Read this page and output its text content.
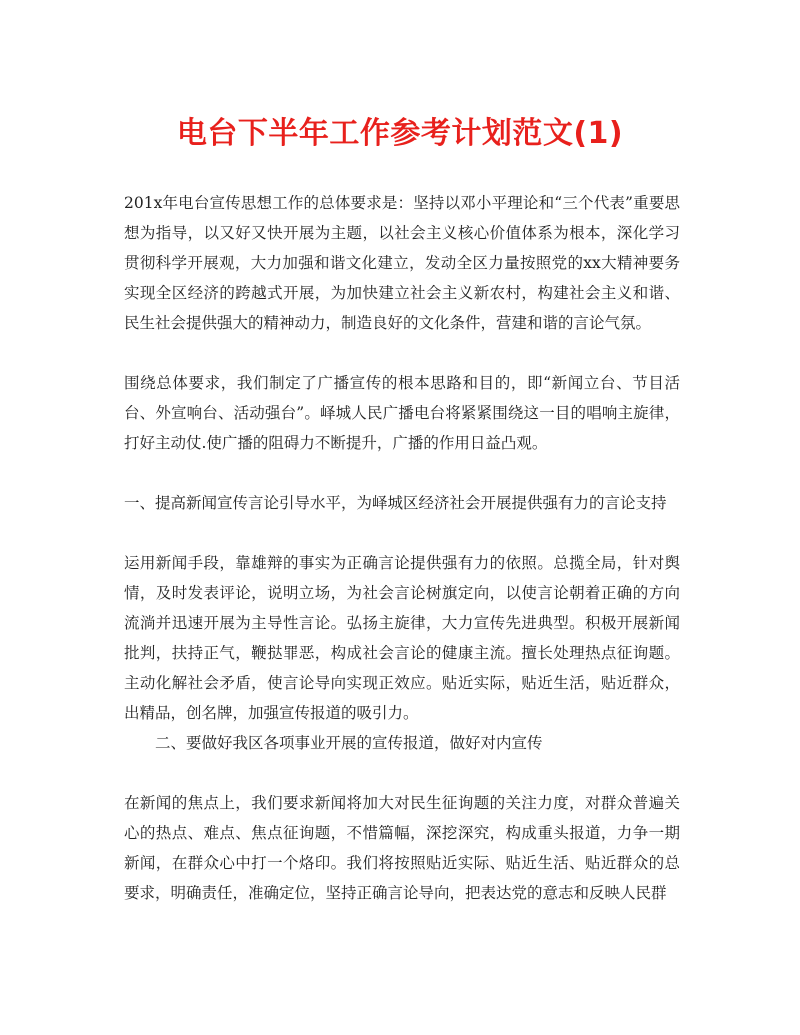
电台下半年工作参考计划范文(1)

201x年电台宣传思想工作的总体要求是：坚持以邓小平理论和“三个代表”重要思想为指导，以又好又快开展为主题，以社会主义核心价值体系为根本，深化学习贯彻科学开展观，大力加强和谐文化建立，发动全区力量按照党的xx大精神要务实现全区经济的跨越式开展，为加快建立社会主义新农村，构建社会主义和谐、民生社会提供强大的精神动力，制造良好的文化条件，营建和谐的言论气氛。

围绕总体要求，我们制定了广播宣传的根本思路和目的，即“新闻立台、节目活台、外宣响台、活动强台”。峄城人民广播电台将紧紧围绕这一目的唱响主旋律，打好主动仗.使广播的阻碍力不断提升，广播的作用日益凸观。

一、提高新闻宣传言论引导水平，为峄城区经济社会开展提供强有力的言论支持

运用新闻手段，靠雄辩的事实为正确言论提供强有力的依照。总揽全局，针对舆情，及时发表评论，说明立场，为社会言论树旗定向，以使言论朝着正确的方向流淌并迅速开展为主导性言论。弘扬主旋律，大力宣传先进典型。积极开展新闻批判，扶持正气，鞭挞罪恶，构成社会言论的健康主流。擅长处理热点征询题。主动化解社会矛盾，使言论导向实现正效应。贴近实际，贴近生活，贴近群众，出精品，创名牌，加强宣传报道的吸引力。

二、要做好我区各项事业开展的宣传报道，做好对内宣传

在新闻的焦点上，我们要求新闻将加大对民生征询题的关注力度，对群众普遍关心的热点、难点、焦点征询题，不惜篇幅，深挖深究，构成重头报道，力争一期新闻，在群众心中打一个烙印。我们将按照贴近实际、贴近生活、贴近群众的总要求，明确责任，准确定位，坚持正确言论导向，把表达党的意志和反映人民群
